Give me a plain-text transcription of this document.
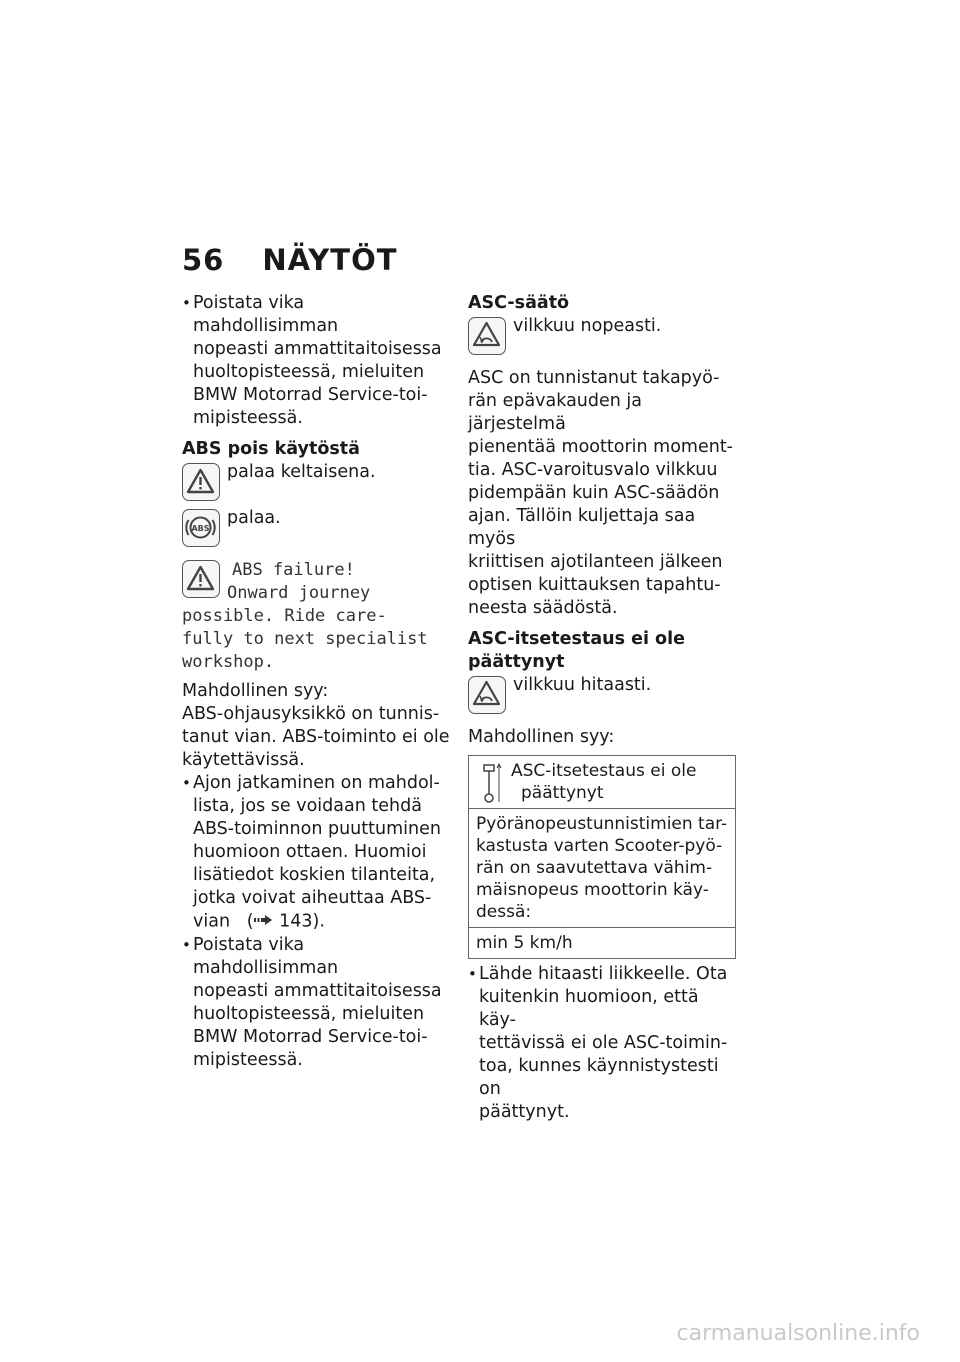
56 NÄYTÖT

• Poistata vika mahdollisimman

nopeasti ammattitaitoisessa

huoltopisteessä, mieluiten

BMW Motorrad Service-toi-

mipisteessä.

ABS pois käytöstä
palaa keltaisena.
ABS
palaa.

ABS failure!

Onward journey

possible. Ride care-

fully to next specialist

workshop.

Mahdollinen syy:

ABS-ohjausyksikkö on tunnis-

tanut vian. ABS-toiminto ei ole

käytettävissä.

• Ajon jatkaminen on mahdol-

lista, jos se voidaan tehdä

ABS-toiminnon puuttuminen

huomioon ottaen. Huomioi

lisätiedot koskien tilanteita,

jotka voivat aiheuttaa ABS-

vian   ( 143).

• Poistata vika mahdollisimman

nopeasti ammattitaitoisessa

huoltopisteessä, mieluiten

BMW Motorrad Service-toi-

mipisteessä.

ASC-säätö
vilkkuu nopeasti.

ASC on tunnistanut takapyö-

rän epävakauden ja järjestelmä

pienentää moottorin moment-

tia. ASC-varoitusvalo vilkkuu

pidempään kuin ASC-säädön

ajan. Tällöin kuljettaja saa myös

kriittisen ajotilanteen jälkeen

optisen kuittauksen tapahtu-

neesta säädöstä.

ASC-itsetestaus ei ole
päättynyt
vilkkuu hitaasti.

Mahdollinen syy:

ASC-itsetestaus ei ole
päättynyt

Pyöränopeustunnistimien tar-
kastusta varten Scooter-pyö-
rän on saavutettava vähim-
mäisnopeus moottorin käy-
dessä:

min 5 km/h

• Lähde hitaasti liikkeelle. Ota

kuitenkin huomioon, että käy-

tettävissä ei ole ASC-toimin-

toa, kunnes käynnistystesti on

päättynyt.

carmanualsonline.info
